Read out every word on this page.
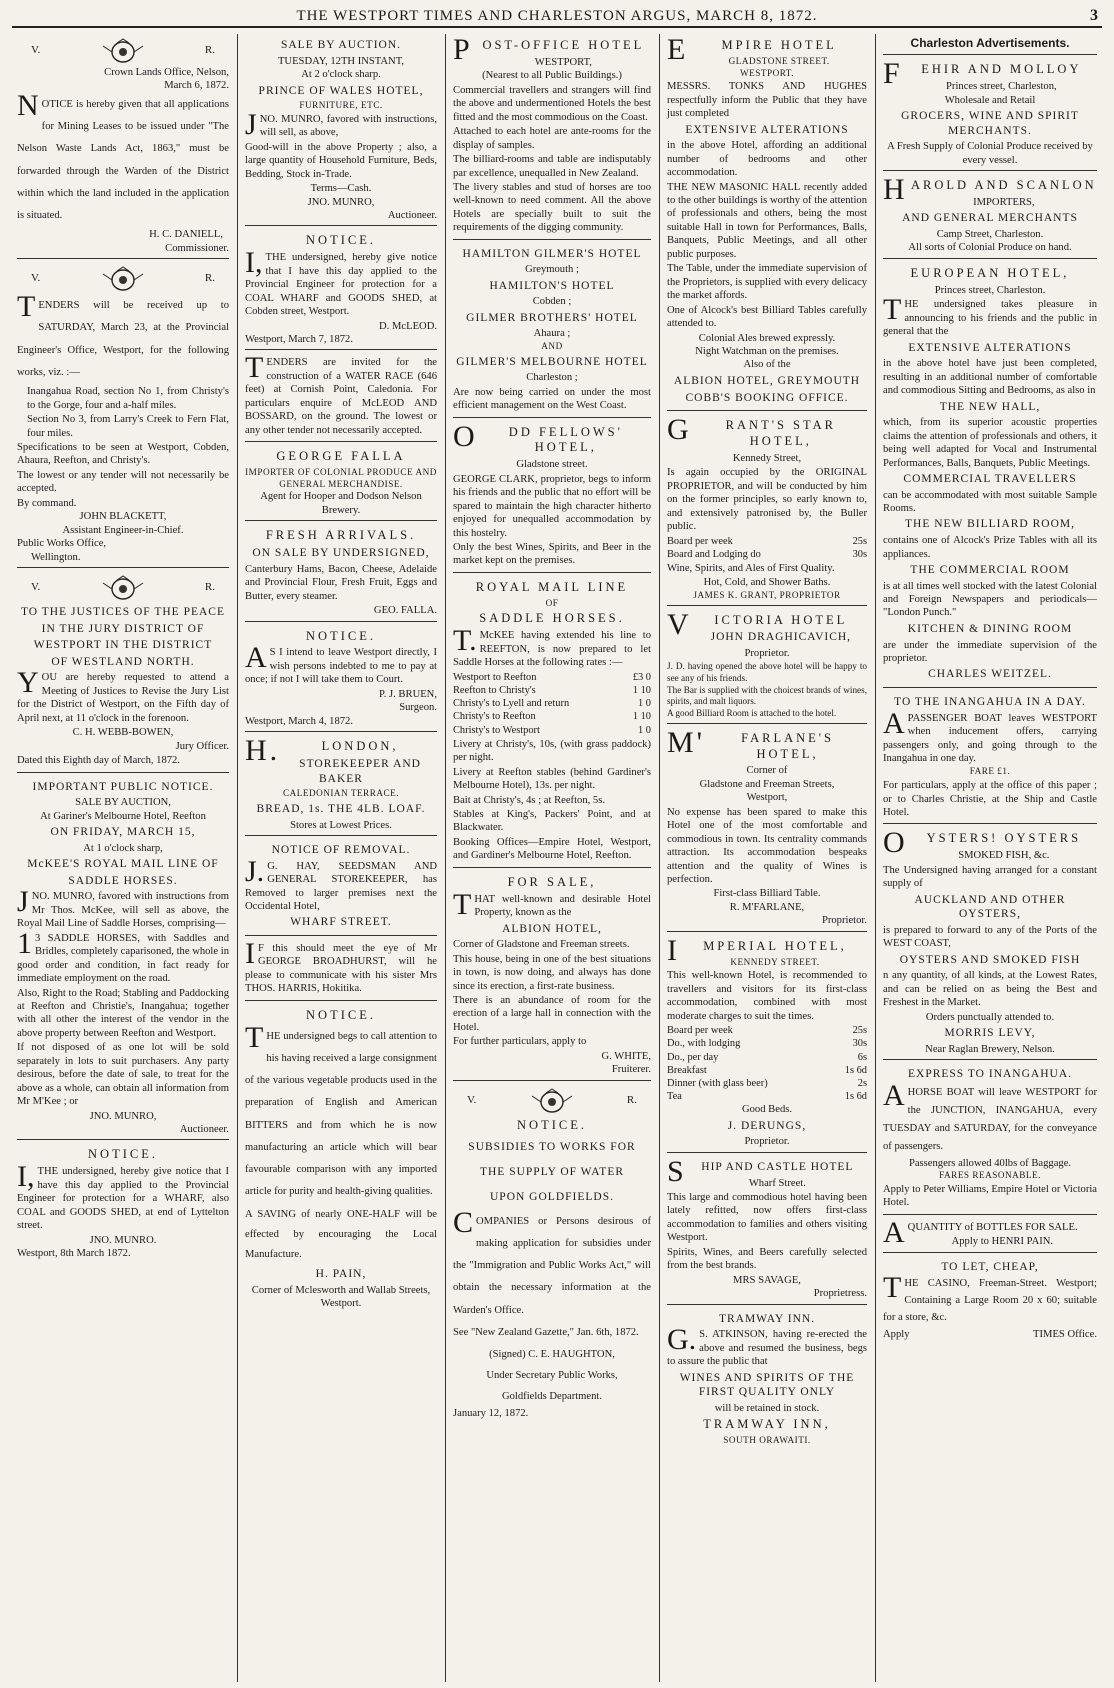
THE WESTPORT TIMES AND CHARLESTON ARGUS, MARCH 8, 1872.	3
V.	R.
Crown Lands Office, Nelson,
March 6, 1872.
NOTICE is hereby given that all applications for Mining Leases to be issued under "The Nelson Waste Lands Act, 1863," must be forwarded through the Warden of the District within which the land included in the application is situated.
H. C. DANIELL,
Commissioner.
V.	R.
TENDERS will be received up to SATURDAY, March 23, at the Provincial Engineer's Office, Westport, for the following works, viz. :—
Inangahua Road, section No 1, from Christy's to the Gorge, four and a-half miles.
Section No 3, from Larry's Creek to Fern Flat, four miles.
Specifications to be seen at Westport, Cobden, Ahaura, Reefton, and Christy's.
The lowest or any tender will not necessarily be accepted.
By command.
JOHN BLACKETT,
Assistant Engineer-in-Chief.
Public Works Office,
Wellington.
V.	R.
TO THE JUSTICES OF THE PEACE
IN THE JURY DISTRICT OF
WESTPORT IN THE DISTRICT
OF WESTLAND NORTH.
YOU are hereby requested to attend a Meeting of Justices to Revise the Jury List for the District of Westport, on the Fifth day of April next, at 11 o'clock in the forenoon.
C. H. WEBB-BOWEN,
Jury Officer.
Dated this Eighth day of March, 1872.
IMPORTANT PUBLIC NOTICE.
SALE BY AUCTION,
At Gariner's Melbourne Hotel, Reefton
ON FRIDAY, MARCH 15,
At 1 o'clock sharp,
McKEE'S ROYAL MAIL LINE OF
SADDLE HORSES.
JNO. MUNRO, favored with instructions from Mr Thos. McKee, will sell as above, the Royal Mail Line of Saddle Horses, comprising—
13 SADDLE HORSES, with Saddles and Bridles, completely caparisoned, the whole in good order and condition, in fact ready for immediate employment on the road.
Also, Right to the Road; Stabling and Paddocking at Reefton and Christie's, Inangahua; together with all other the interest of the vendor in the above property between Reefton and Westport.
If not disposed of as one lot will be sold separately in lots to suit purchasers. Any party desirous, before the date of sale, to treat for the above as a whole, can obtain all information from Mr M'Kee ; or
JNO. MUNRO,
Auctioneer.
NOTICE.
I,THE undersigned, hereby give notice that I have this day applied to the Provincial Engineer for protection for a WHARF, also COAL and GOODS SHED, at end of Lyttelton street.
JNO. MUNRO.
Westport, 8th March 1872.
SALE BY AUCTION.
TUESDAY, 12TH INSTANT,
At 2 o'clock sharp.
PRINCE OF WALES HOTEL,
FURNITURE, ETC.
JNO. MUNRO, favored with instructions, will sell, as above,
Good-will in the above Property ; also, a large quantity of Household Furniture, Beds, Bedding, Stock in-Trade.
Terms—Cash.
JNO. MUNRO,
Auctioneer.
NOTICE.
I,THE undersigned, hereby give notice that I have this day applied to the Provincial Engineer for protection for a COAL WHARF and GOODS SHED, at Cobden street, Westport.
D. McLEOD.
Westport, March 7, 1872.
TENDERS are invited for the construction of a WATER RACE (646 feet) at Cornish Point, Caledonia. For particulars enquire of McLEOD AND BOSSARD, on the ground. The lowest or any other tender not necessarily accepted.
GEORGE FALLA
IMPORTER OF COLONIAL PRODUCE AND GENERAL MERCHANDISE.
Agent for Hooper and Dodson Nelson Brewery.
FRESH ARRIVALS.
ON SALE BY UNDERSIGNED,
Canterbury Hams, Bacon, Cheese, Adelaide and Provincial Flour, Fresh Fruit, Eggs and Butter, every steamer.
GEO. FALLA.
NOTICE.
AS I intend to leave Westport directly, I wish persons indebted to me to pay at once; if not I will take them to Court.
P. J. BRUEN,
Surgeon.
Westport, March 4, 1872.
H.LONDON,
STOREKEEPER AND BAKER
CALEDONIAN TERRACE.
BREAD, 1s. THE 4LB. LOAF.
Stores at Lowest Prices.
NOTICE OF REMOVAL.
J.G. HAY, SEEDSMAN AND GENERAL STOREKEEPER, has Removed to larger premises next the Occidental Hotel,
WHARF STREET.
IF this should meet the eye of Mr GEORGE BROADHURST, will he please to communicate with his sister Mrs THOS. HARRIS, Hokitika.
NOTICE.
THE undersigned begs to call attention to his having received a large consignment of the various vegetable products used in the preparation of English and American BITTERS and from which he is now manufacturing an article which will bear favourable comparison with any imported article for purity and health-giving qualities.
A SAVING of nearly ONE-HALF will be effected by encouraging the Local Manufacture.
H. PAIN,
Corner of Mclesworth and Wallab Streets, Westport.
POST-OFFICE HOTEL
WESTPORT,
(Nearest to all Public Buildings.)
Commercial travellers and strangers will find the above and undermentioned Hotels the best fitted and the most commodious on the Coast.
Attached to each hotel are ante-rooms for the display of samples.
The billiard-rooms and table are indisputably par excellence, unequalled in New Zealand.
The livery stables and stud of horses are too well-known to need comment. All the above Hotels are specially built to suit the requirements of the digging community.
HAMILTON GILMER'S HOTEL
Greymouth ;
HAMILTON'S HOTEL
Cobden ;
GILMER BROTHERS' HOTEL
Ahaura ;
AND
GILMER'S MELBOURNE HOTEL
Charleston ;
Are now being carried on under the most efficient management on the West Coast.
ODD FELLOWS' HOTEL,
Gladstone street.
GEORGE CLARK, proprietor, begs to inform his friends and the public that no effort will be spared to maintain the high character hitherto enjoyed for unequalled accommodation by this hostelry.
Only the best Wines, Spirits, and Beer in the market kept on the premises.
ROYAL MAIL LINE
OF
SADDLE HORSES.
T.McKEE having extended his line to REEFTON, is now prepared to let Saddle Horses at the following rates :—
Westport to Reefton	£3 0
Reefton to Christy's	1 10
Christy's to Lyell and return	1 0
Christy's to Reefton	1 10
Christy's to Westport	1 0
Livery at Christy's, 10s, (with grass paddock) per night.
Livery at Reefton stables (behind Gardiner's Melbourne Hotel), 13s. per night.
Bait at Christy's, 4s ; at Reefton, 5s.
Stables at King's, Packers' Point, and at Blackwater.
Booking Offices—Empire Hotel, Westport, and Gardiner's Melbourne Hotel, Reefton.
FOR SALE,
THAT well-known and desirable Hotel Property, known as the
ALBION HOTEL,
Corner of Gladstone and Freeman streets.
This house, being in one of the best situations in town, is now doing, and always has done since its erection, a first-rate business.
There is an abundance of room for the erection of a large hall in connection with the Hotel.
For further particulars, apply to
G. WHITE,
Fruiterer.
V.	R.
NOTICE.
SUBSIDIES TO WORKS FOR
THE SUPPLY OF WATER
UPON GOLDFIELDS.
COMPANIES or Persons desirous of making application for subsidies under the "Immigration and Public Works Act," will obtain the necessary information at the Warden's Office.
See "New Zealand Gazette," Jan. 6th, 1872.
(Signed) C. E. HAUGHTON,
Under Secretary Public Works,
Goldfields Department.
January 12, 1872.
EMPIRE HOTEL
GLADSTONE STREET.
WESTPORT.
MESSRS. TONKS AND HUGHES respectfully inform the Public that they have just completed
EXTENSIVE ALTERATIONS
in the above Hotel, affording an additional number of bedrooms and other accommodation.
THE NEW MASONIC HALL recently added to the other buildings is worthy of the attention of professionals and others, being the most suitable Hall in town for Performances, Balls, Banquets, Public Meetings, and all other public purposes.
The Table, under the immediate supervision of the Proprietors, is supplied with every delicacy the market affords.
One of Alcock's best Billiard Tables carefully attended to.
Colonial Ales brewed expressly.
Night Watchman on the premises.
Also of the
ALBION HOTEL, GREYMOUTH
COBB'S BOOKING OFFICE.
GRANT'S STAR HOTEL,
Kennedy Street,
Is again occupied by the ORIGINAL PROPRIETOR, and will be conducted by him on the former principles, so early known to, and extensively patronised by, the Buller public.
Board per week	25s
Board and Lodging do	30s
Wine, Spirits, and Ales of First Quality.
Hot, Cold, and Shower Baths.
JAMES K. GRANT, PROPRIETOR
VICTORIA HOTEL
JOHN DRAGHICAVICH,
Proprietor.
J. D. having opened the above hotel will be happy to see any of his friends.
The Bar is supplied with the choicest brands of wines, spirits, and malt liquors.
A good Billiard Room is attached to the hotel.
M'FARLANE'S HOTEL,
Corner of
Gladstone and Freeman Streets,
Westport,
No expense has been spared to make this Hotel one of the most comfortable and commodious in town. Its centrality commands attraction. Its accommodation bespeaks attention and the quality of Wines is perfection.
First-class Billiard Table.
R. M'FARLANE,
Proprietor.
IMPERIAL HOTEL,
KENNEDY STREET.
This well-known Hotel, is recommended to travellers and visitors for its first-class accommodation, combined with most moderate charges to suit the times.
Board per week	25s
Do., with lodging	30s
Do., per day	6s
Breakfast	1s 6d
Dinner (with glass beer)	2s
Tea	1s 6d
Good Beds.
J. DERUNGS,
Proprietor.
SHIP AND CASTLE HOTEL
Wharf Street.
This large and commodious hotel having been lately refitted, now offers first-class accommodation to families and others visiting Westport.
Spirits, Wines, and Beers carefully selected from the best brands.
MRS SAVAGE,
Proprietress.
TRAMWAY INN.
G.S. ATKINSON, having re-erected the above and resumed the business, begs to assure the public that
WINES AND SPIRITS OF THE FIRST QUALITY ONLY
will be retained in stock.
TRAMWAY INN,
SOUTH ORAWAITI.
Charleston Advertisements.
FEHIR AND MOLLOY
Princes street, Charleston,
Wholesale and Retail
GROCERS, WINE AND SPIRIT MERCHANTS.
A Fresh Supply of Colonial Produce received by every vessel.
HAROLD AND SCANLON
IMPORTERS,
AND GENERAL MERCHANTS
Camp Street, Charleston.
All sorts of Colonial Produce on hand.
EUROPEAN HOTEL,
Princes street, Charleston.
THE undersigned takes pleasure in announcing to his friends and the public in general that the
EXTENSIVE ALTERATIONS
in the above hotel have just been completed, resulting in an additional number of comfortable and commodious Sitting and Bedrooms, as also in
THE NEW HALL,
which, from its superior acoustic properties claims the attention of professionals and others, it being well adapted for Vocal and Instrumental Performances, Balls, Banquets, Public Meetings.
COMMERCIAL TRAVELLERS
can be accommodated with most suitable Sample Rooms.
THE NEW BILLIARD ROOM,
contains one of Alcock's Prize Tables with all its appliances.
THE COMMERCIAL ROOM
is at all times well stocked with the latest Colonial and Foreign Newspapers and periodicals— "London Punch."
KITCHEN & DINING ROOM
are under the immediate supervision of the proprietor.
CHARLES WEITZEL.
TO THE INANGAHUA IN A DAY.
APASSENGER BOAT leaves WESTPORT when inducement offers, carrying passengers only, and going through to the Inangahua in one day.
FARE £1.
For particulars, apply at the office of this paper ; or to Charles Christie, at the Ship and Castle Hotel.
OYSTERS! OYSTERS
SMOKED FISH, &c.
The Undersigned having arranged for a constant supply of
AUCKLAND AND OTHER OYSTERS,
is prepared to forward to any of the Ports of the WEST COAST,
OYSTERS AND SMOKED FISH
n any quantity, of all kinds, at the Lowest Rates, and can be relied on as being the Best and Freshest in the Market.
Orders punctually attended to.
MORRIS LEVY,
Near Raglan Brewery, Nelson.
EXPRESS TO INANGAHUA.
AHORSE BOAT will leave WESTPORT for the JUNCTION, INANGAHUA, every TUESDAY and SATURDAY, for the conveyance of passengers.
Passengers allowed 40lbs of Baggage.
FARES REASONABLE.
Apply to Peter Williams, Empire Hotel or Victoria Hotel.
AQUANTITY of BOTTLES FOR SALE.
Apply to HENRI PAIN.
TO LET, CHEAP,
THE CASINO, Freeman-Street. Westport; Containing a Large Room 20 x 60; suitable for a store, &c.
Apply	TIMES Office.
